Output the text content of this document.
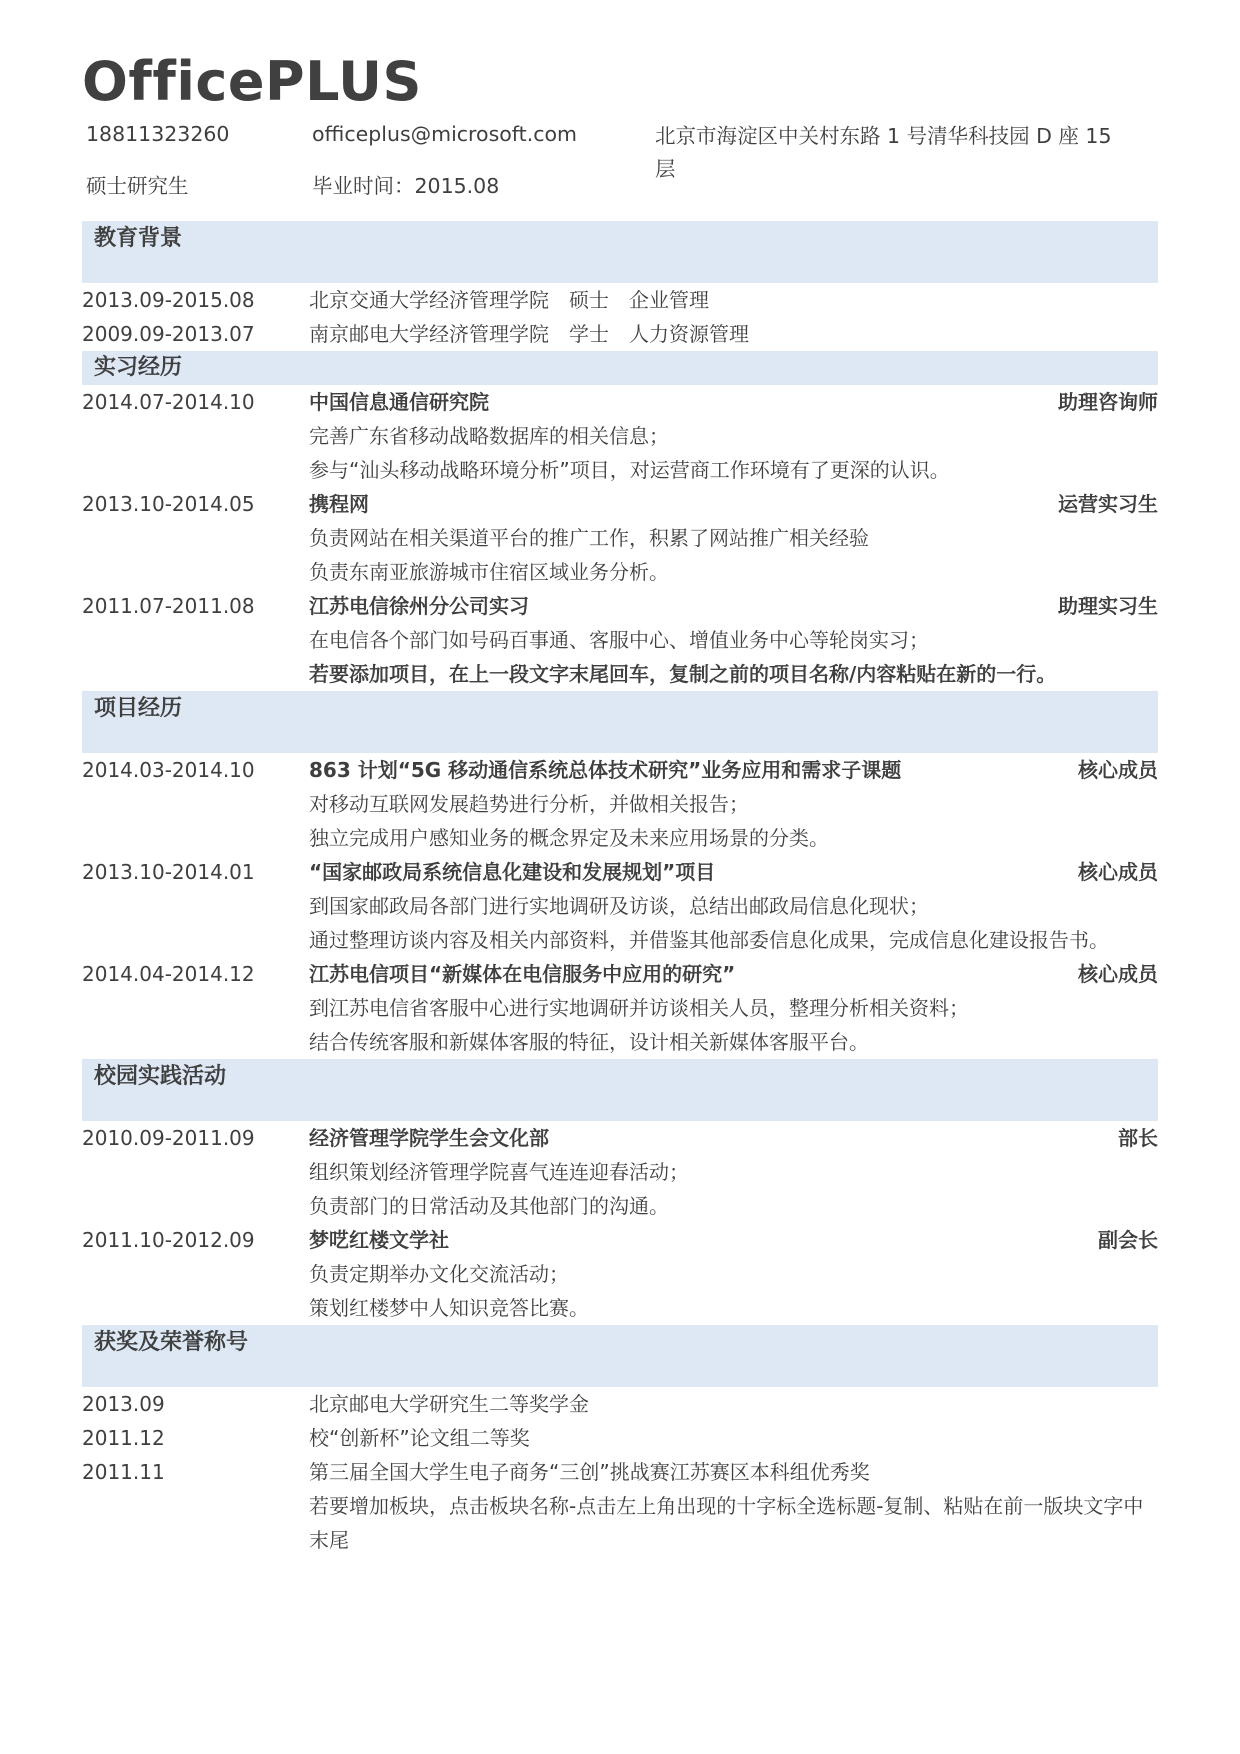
OfficePLUS
18811323260	officeplus@microsoft.com	北京市海淀区中关村东路 1 号清华科技园 D 座 15 层
硕士研究生	毕业时间：2015.08
教育背景
2013.09-2015.08	北京交通大学经济管理学院　硕士　企业管理
2009.09-2013.07	南京邮电大学经济管理学院　学士　人力资源管理
实习经历
2014.07-2014.10	中国信息通信研究院	助理咨询师
完善广东省移动战略数据库的相关信息；
参与“汕头移动战略环境分析”项目，对运营商工作环境有了更深的认识。
2013.10-2014.05	携程网	运营实习生
负责网站在相关渠道平台的推广工作，积累了网站推广相关经验
负责东南亚旅游城市住宿区域业务分析。
2011.07-2011.08	江苏电信徐州分公司实习	助理实习生
在电信各个部门如号码百事通、客服中心、增值业务中心等轮岗实习；
若要添加项目，在上一段文字末尾回车，复制之前的项目名称/内容粘贴在新的一行。
项目经历
2014.03-2014.10	863 计划“5G 移动通信系统总体技术研究”业务应用和需求子课题	核心成员
对移动互联网发展趋势进行分析，并做相关报告；
独立完成用户感知业务的概念界定及未来应用场景的分类。
2013.10-2014.01	“国家邮政局系统信息化建设和发展规划”项目	核心成员
到国家邮政局各部门进行实地调研及访谈，总结出邮政局信息化现状；
通过整理访谈内容及相关内部资料，并借鉴其他部委信息化成果，完成信息化建设报告书。
2014.04-2014.12	江苏电信项目“新媒体在电信服务中应用的研究”	核心成员
到江苏电信省客服中心进行实地调研并访谈相关人员，整理分析相关资料；
结合传统客服和新媒体客服的特征，设计相关新媒体客服平台。
校园实践活动
2010.09-2011.09	经济管理学院学生会文化部	部长
组织策划经济管理学院喜气连连迎春活动；
负责部门的日常活动及其他部门的沟通。
2011.10-2012.09	梦呓红楼文学社	副会长
负责定期举办文化交流活动；
策划红楼梦中人知识竞答比赛。
获奖及荣誉称号
2013.09	北京邮电大学研究生二等奖学金
2011.12	校“创新杯”论文组二等奖
2011.11	第三届全国大学生电子商务“三创”挑战赛江苏赛区本科组优秀奖
若要增加板块，点击板块名称-点击左上角出现的十字标全选标题-复制、粘贴在前一版块文字中末尾
